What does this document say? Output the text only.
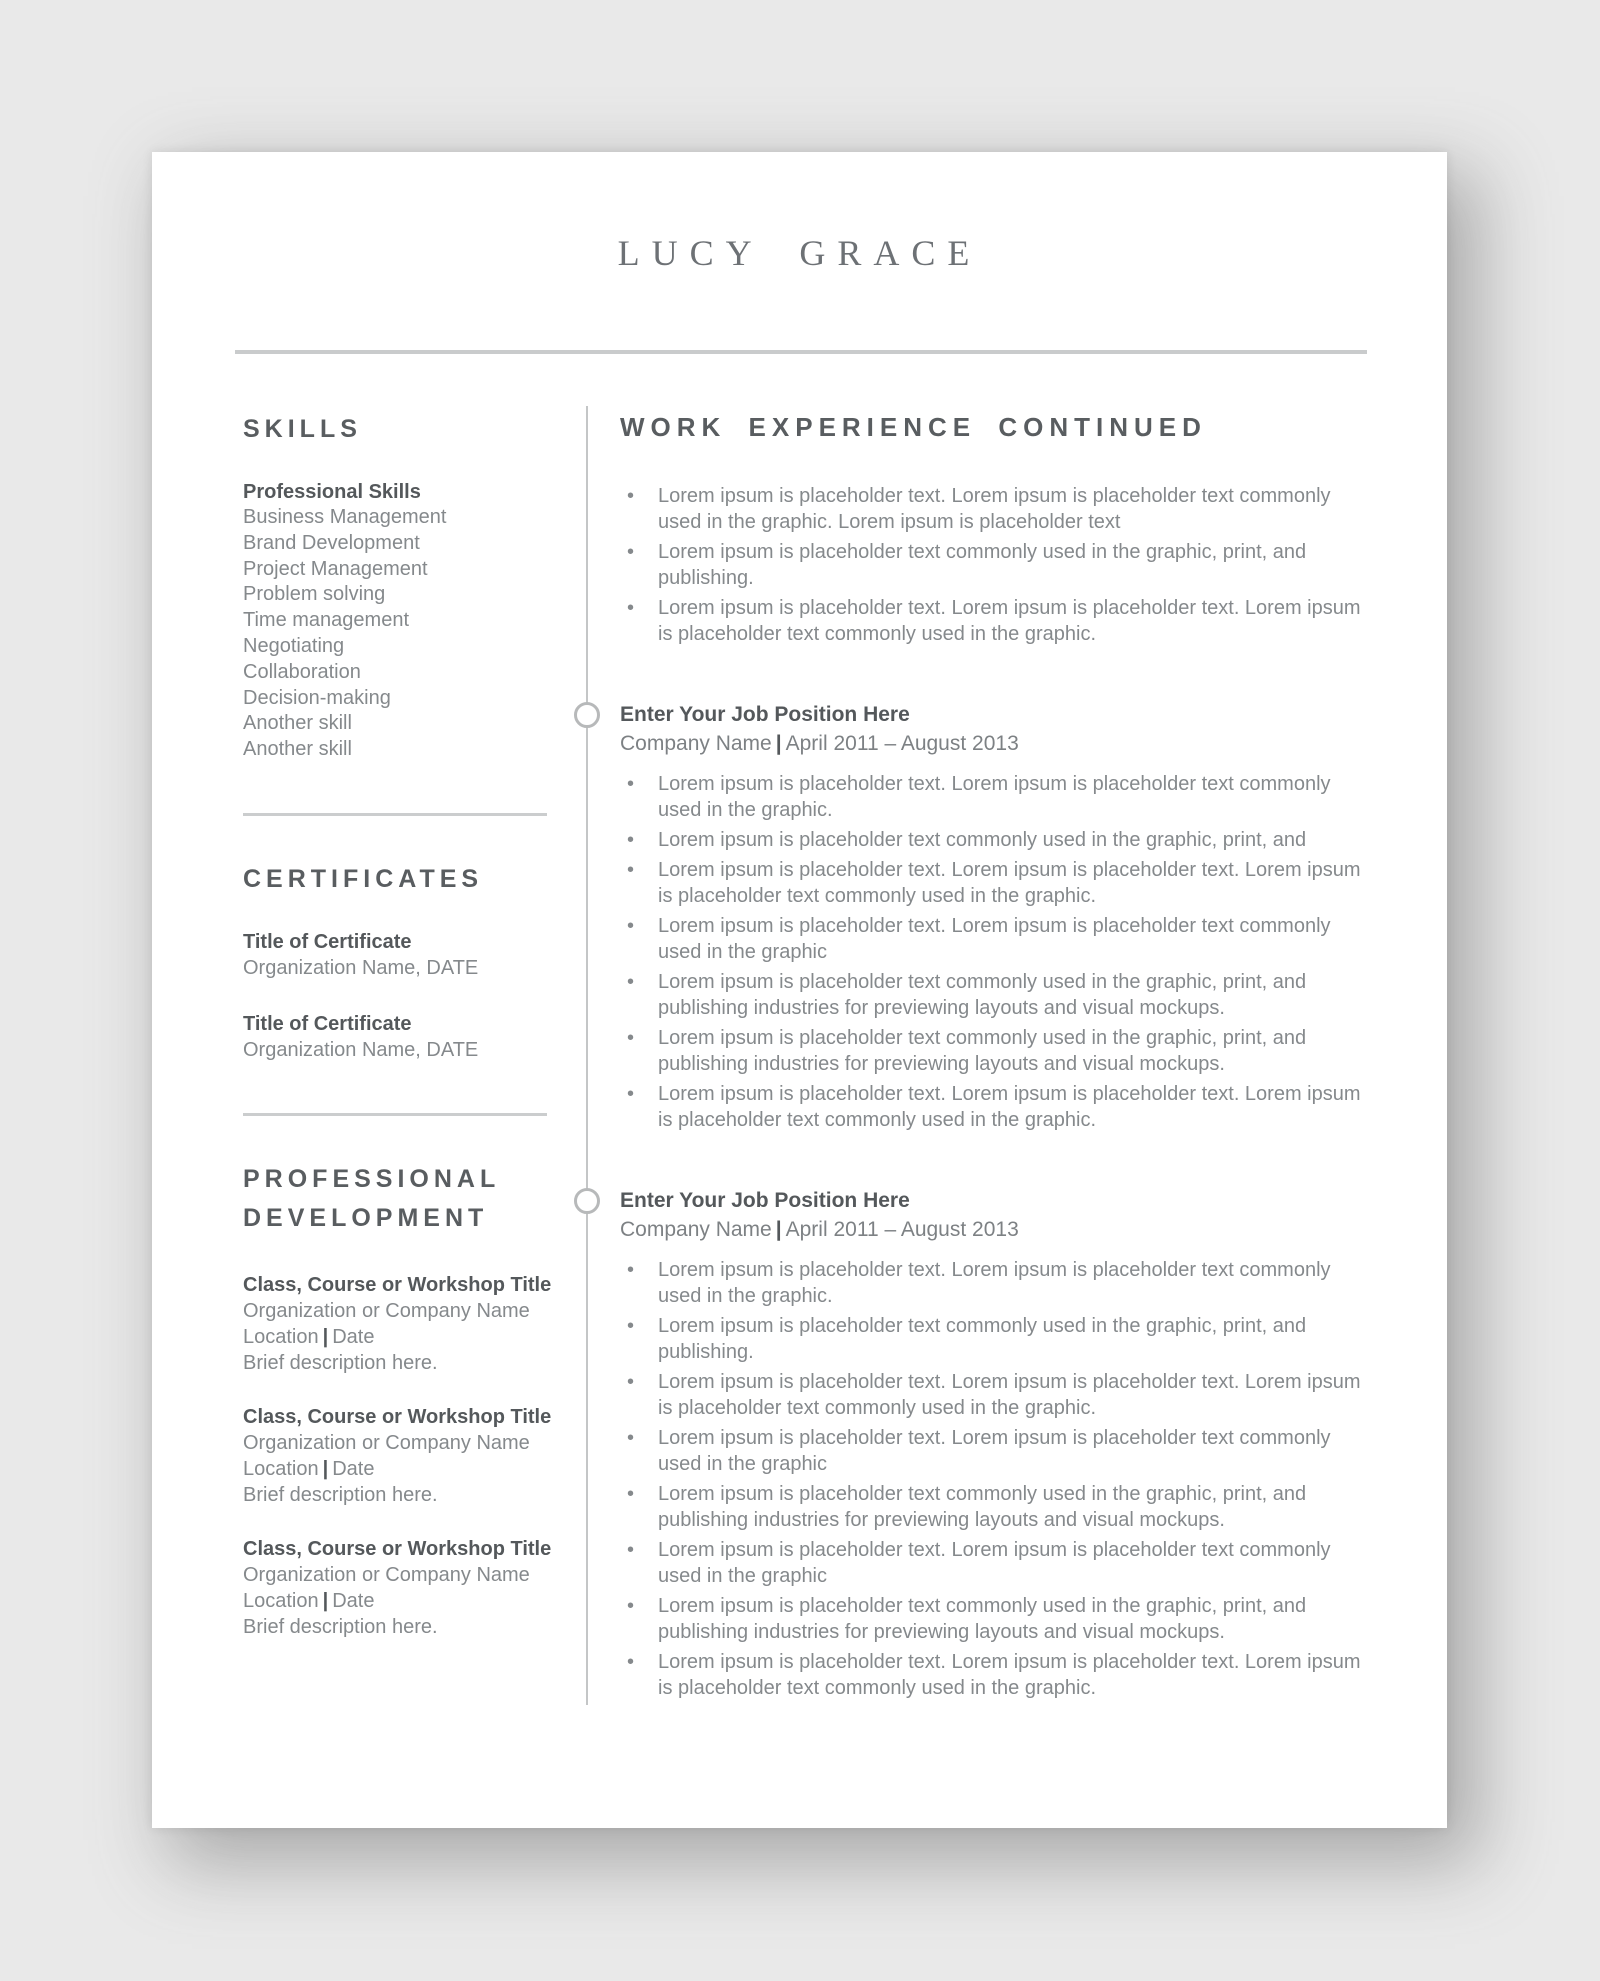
LUCY GRACE
SKILLS

Professional Skills

Business Management
Brand Development
Project Management
Problem solving
Time management
Negotiating
Collaboration
Decision-making
Another skill
Another skill
CERTIFICATES

Title of Certificate

Organization Name, DATE

Title of Certificate

Organization Name, DATE

PROFESSIONAL DEVELOPMENT

Class, Course or Workshop Title

Organization or Company Name

Location | Date

Brief description here.

Class, Course or Workshop Title

Organization or Company Name

Location | Date

Brief description here.

Class, Course or Workshop Title

Organization or Company Name

Location | Date

Brief description here.

WORK EXPERIENCE CONTINUED
• Lorem ipsum is placeholder text. Lorem ipsum is placeholder text commonly used in the graphic. Lorem ipsum is placeholder text
• Lorem ipsum is placeholder text commonly used in the graphic, print, and publishing.
• Lorem ipsum is placeholder text. Lorem ipsum is placeholder text. Lorem ipsum is placeholder text commonly used in the graphic.
Enter Your Job Position Here

Company Name | April 2011 – August 2013

• Lorem ipsum is placeholder text. Lorem ipsum is placeholder text commonly used in the graphic.
• Lorem ipsum is placeholder text commonly used in the graphic, print, and
• Lorem ipsum is placeholder text. Lorem ipsum is placeholder text. Lorem ipsum is placeholder text commonly used in the graphic.
• Lorem ipsum is placeholder text. Lorem ipsum is placeholder text commonly used in the graphic
• Lorem ipsum is placeholder text commonly used in the graphic, print, and publishing industries for previewing layouts and visual mockups.
• Lorem ipsum is placeholder text commonly used in the graphic, print, and publishing industries for previewing layouts and visual mockups.
• Lorem ipsum is placeholder text. Lorem ipsum is placeholder text. Lorem ipsum is placeholder text commonly used in the graphic.
Enter Your Job Position Here

Company Name | April 2011 – August 2013

• Lorem ipsum is placeholder text. Lorem ipsum is placeholder text commonly used in the graphic.
• Lorem ipsum is placeholder text commonly used in the graphic, print, and publishing.
• Lorem ipsum is placeholder text. Lorem ipsum is placeholder text. Lorem ipsum is placeholder text commonly used in the graphic.
• Lorem ipsum is placeholder text. Lorem ipsum is placeholder text commonly used in the graphic
• Lorem ipsum is placeholder text commonly used in the graphic, print, and publishing industries for previewing layouts and visual mockups.
• Lorem ipsum is placeholder text. Lorem ipsum is placeholder text commonly used in the graphic
• Lorem ipsum is placeholder text commonly used in the graphic, print, and publishing industries for previewing layouts and visual mockups.
• Lorem ipsum is placeholder text. Lorem ipsum is placeholder text. Lorem ipsum is placeholder text commonly used in the graphic.
